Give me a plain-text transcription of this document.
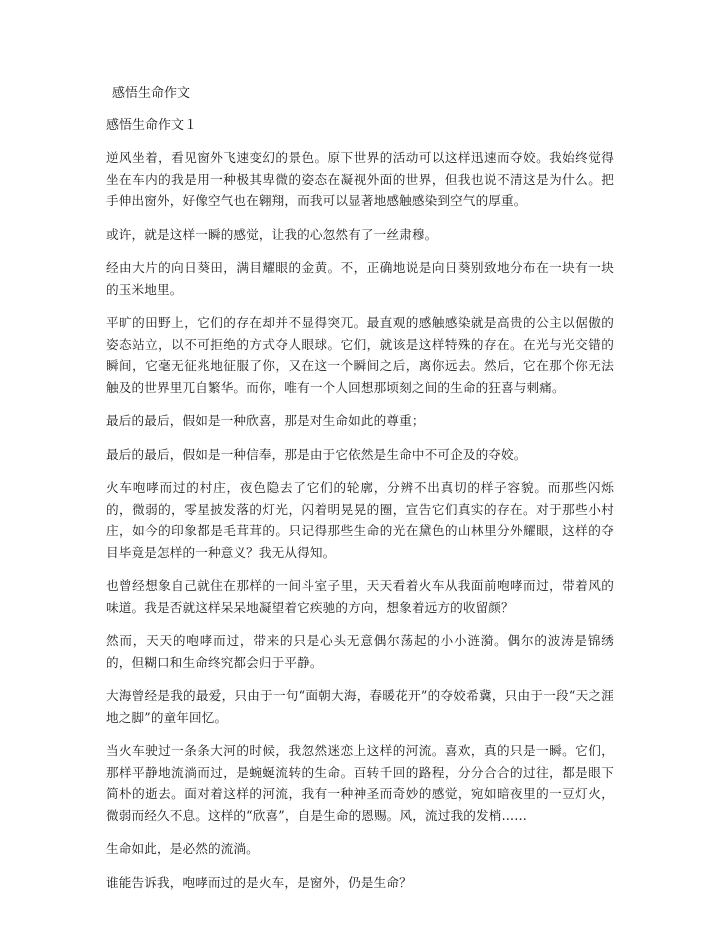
感悟生命作文
感悟生命作文１
逆风坐着，看见窗外飞速变幻的景色。原下世界的活动可以这样迅速而夺姣。我始终觉得坐在车内的我是用一种极其卑微的姿态在凝视外面的世界，但我也说不清这是为什么。把手伸出窗外，好像空气也在翱翔，而我可以显著地感触感染到空气的厚重。
或许，就是这样一瞬的感觉，让我的心忽然有了一丝肃穆。
经由大片的向日葵田，满目耀眼的金黄。不，正确地说是向日葵别致地分布在一块有一块的玉米地里。
平旷的田野上，它们的存在却并不显得突兀。最直观的感触感染就是高贵的公主以倨傲的姿态站立，以不可拒绝的方式夺人眼球。它们，就该是这样特殊的存在。在光与光交错的瞬间，它毫无征兆地征服了你，又在这一个瞬间之后，离你远去。然后，它在那个你无法触及的世界里兀自繁华。而你，唯有一个人回想那顷刻之间的生命的狂喜与刺痛。
最后的最后，假如是一种欣喜，那是对生命如此的尊重；
最后的最后，假如是一种信奉，那是由于它依然是生命中不可企及的夺姣。
火车咆哮而过的村庄，夜色隐去了它们的轮廓，分辨不出真切的样子容貌。而那些闪烁的，微弱的，零星披发落的灯光，闪着明晃晃的圈，宣告它们真实的存在。对于那些小村庄，如今的印象都是毛茸茸的。只记得那些生命的光在黛色的山林里分外耀眼，这样的夺目毕竟是怎样的一种意义？我无从得知。
也曾经想象自己就住在那样的一间斗室子里，天天看着火车从我面前咆哮而过，带着风的味道。我是否就这样呆呆地凝望着它疾驰的方向，想象着远方的收留颜？
然而，天天的咆哮而过，带来的只是心头无意偶尔荡起的小小涟漪。偶尔的波涛是锦绣的，但糊口和生命终究都会归于平静。
大海曾经是我的最爱，只由于一句“面朝大海，春暖花开”的夺姣希冀，只由于一段“天之涯地之脚”的童年回忆。
当火车驶过一条条大河的时候，我忽然迷恋上这样的河流。喜欢，真的只是一瞬。它们，那样平静地流淌而过，是蜿蜒流转的生命。百转千回的路程，分分合合的过往，都是眼下简朴的逝去。面对着这样的河流，我有一种神圣而奇妙的感觉，宛如暗夜里的一豆灯火，微弱而经久不息。这样的“欣喜”，自是生命的恩赐。风，流过我的发梢……
生命如此，是必然的流淌。
谁能告诉我，咆哮而过的是火车，是窗外，仍是生命？
